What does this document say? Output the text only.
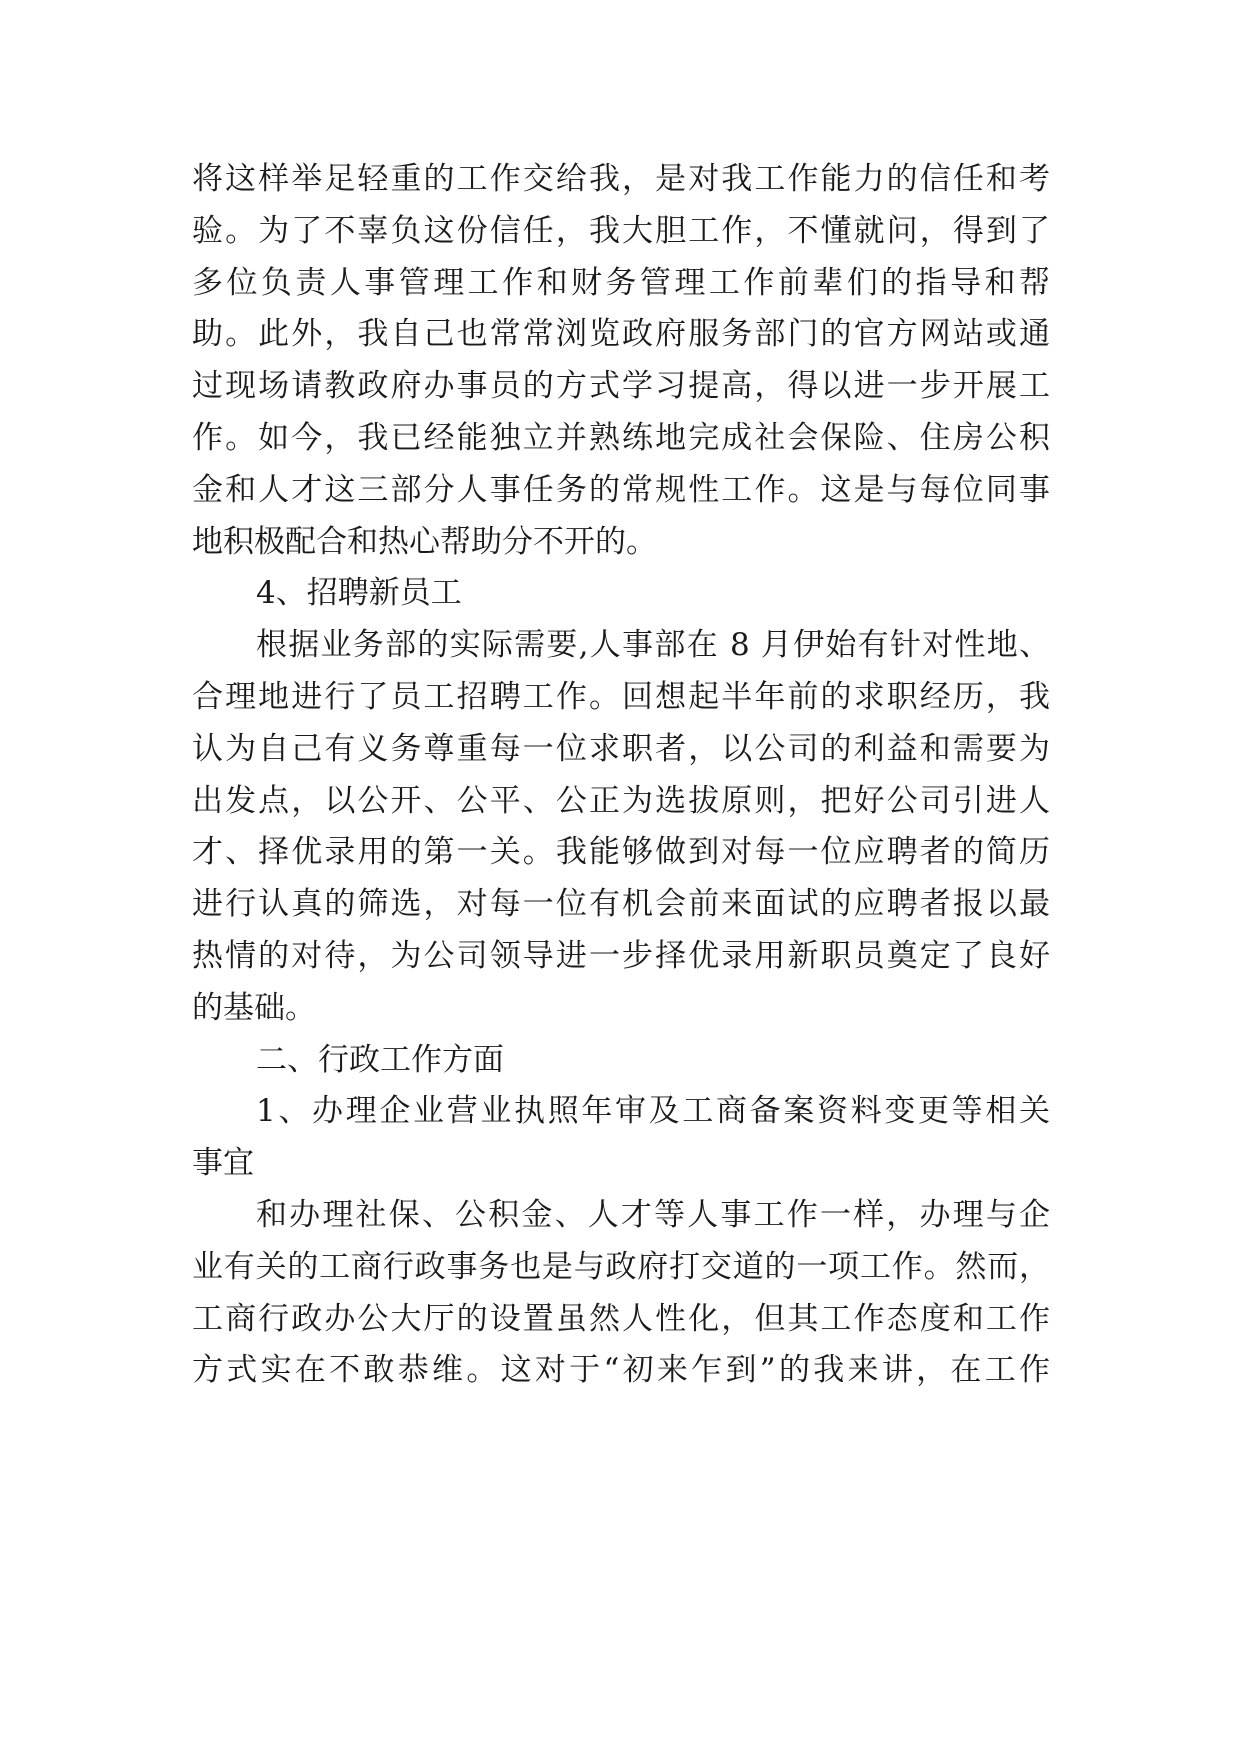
将这样举足轻重的工作交给我，是对我工作能力的信任和考
验。为了不辜负这份信任，我大胆工作，不懂就问，得到了
多位负责人事管理工作和财务管理工作前辈们的指导和帮
助。此外，我自己也常常浏览政府服务部门的官方网站或通
过现场请教政府办事员的方式学习提高，得以进一步开展工
作。如今，我已经能独立并熟练地完成社会保险、住房公积
金和人才这三部分人事任务的常规性工作。这是与每位同事
地积极配合和热心帮助分不开的。
4、招聘新员工
根据业务部的实际需要,人事部在 8 月伊始有针对性地、
合理地进行了员工招聘工作。回想起半年前的求职经历，我
认为自己有义务尊重每一位求职者，以公司的利益和需要为
出发点，以公开、公平、公正为选拔原则，把好公司引进人
才、择优录用的第一关。我能够做到对每一位应聘者的简历
进行认真的筛选，对每一位有机会前来面试的应聘者报以最
热情的对待，为公司领导进一步择优录用新职员奠定了良好
的基础。
二、行政工作方面
1、办理企业营业执照年审及工商备案资料变更等相关
事宜
和办理社保、公积金、人才等人事工作一样，办理与企
业有关的工商行政事务也是与政府打交道的一项工作。然而，
工商行政办公大厅的设置虽然人性化，但其工作态度和工作
方式实在不敢恭维。这对于“初来乍到”的我来讲，在工作
